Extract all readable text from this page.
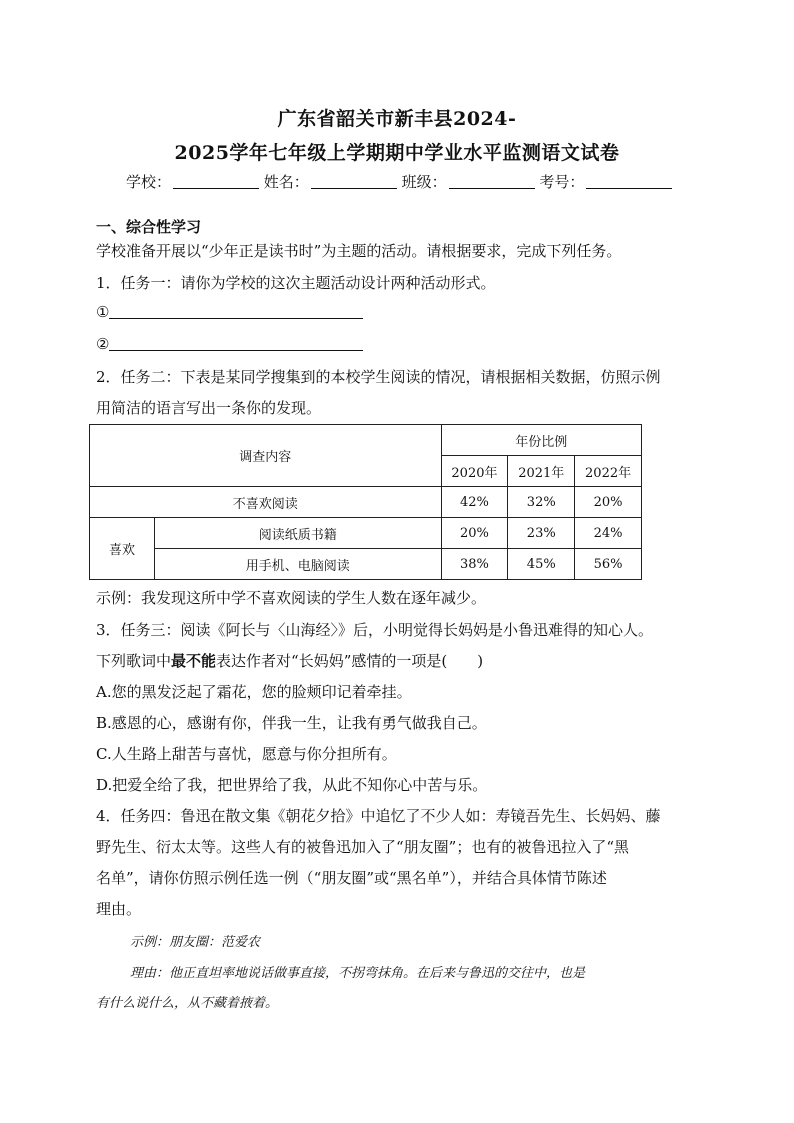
广东省韶关市新丰县2024-
2025学年七年级上学期期中学业水平监测语文试卷
学校：	姓名：	班级：	考号：
一、综合性学习
学校准备开展以“少年正是读书时”为主题的活动。请根据要求，完成下列任务。
1．任务一：请你为学校的这次主题活动设计两种活动形式。
①
②
2．任务二：下表是某同学搜集到的本校学生阅读的情况，请根据相关数据，仿照示例
用简洁的语言写出一条你的发现。
调查内容		年份比例		
		2020年	2021年	2022年
不喜欢阅读		42%	32%	20%
喜欢	阅读纸质书籍	20%	23%	24%
	用手机、电脑阅读	38%	45%	56%
示例：我发现这所中学不喜欢阅读的学生人数在逐年减少。
3．任务三：阅读《阿长与〈山海经〉》后，小明觉得长妈妈是小鲁迅难得的知心人。
下列歌词中最不能表达作者对“长妈妈”感情的一项是(　　)
A.您的黑发泛起了霜花，您的脸颊印记着牵挂。
B.感恩的心，感谢有你，伴我一生，让我有勇气做我自己。
C.人生路上甜苦与喜忧，愿意与你分担所有。
D.把爱全给了我，把世界给了我，从此不知你心中苦与乐。
4．任务四：鲁迅在散文集《朝花夕拾》中追忆了不少人如：寿镜吾先生、长妈妈、藤
野先生、衍太太等。这些人有的被鲁迅加入了“朋友圈”；也有的被鲁迅拉入了“黑
名单”，请你仿照示例任选一例（“朋友圈”或“黑名单”），并结合具体情节陈述
理由。
示例：朋友圈：范爱农
理由：他正直坦率地说话做事直接，不拐弯抹角。在后来与鲁迅的交往中，也是
有什么说什么，从不藏着掖着。
